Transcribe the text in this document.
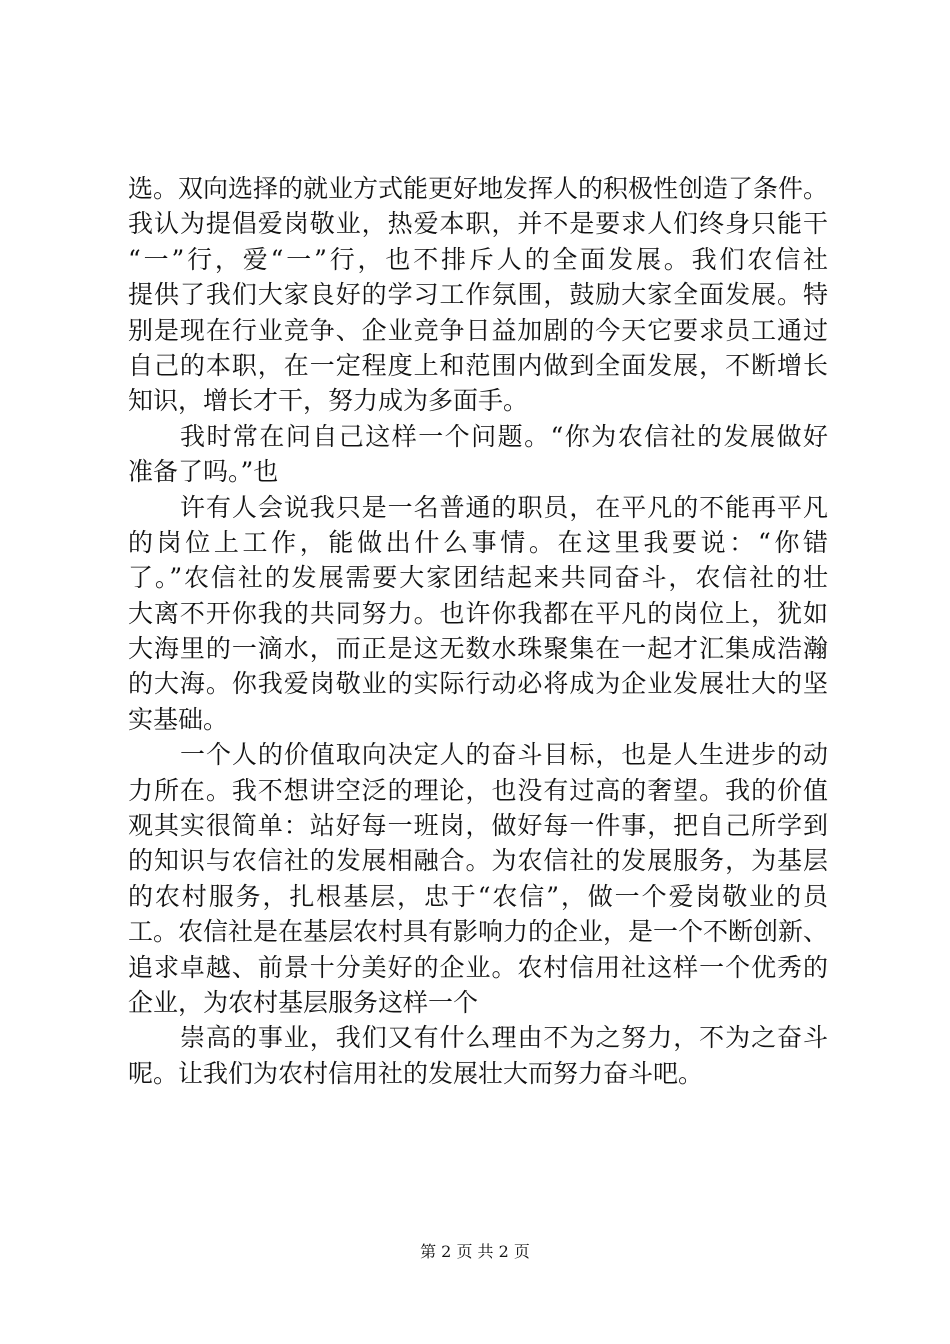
选。双向选择的就业方式能更好地发挥人的积极性创造了条件。
我认为提倡爱岗敬业，热爱本职，并不是要求人们终身只能干
“一”行，爱“一”行，也不排斥人的全面发展。我们农信社
提供了我们大家良好的学习工作氛围，鼓励大家全面发展。特
别是现在行业竞争、企业竞争日益加剧的今天它要求员工通过
自己的本职，在一定程度上和范围内做到全面发展，不断增长
知识，增长才干，努力成为多面手。
我时常在问自己这样一个问题。“你为农信社的发展做好
准备了吗。”也
许有人会说我只是一名普通的职员，在平凡的不能再平凡
的岗位上工作，能做出什么事情。在这里我要说：“你错
了。”农信社的发展需要大家团结起来共同奋斗，农信社的壮
大离不开你我的共同努力。也许你我都在平凡的岗位上，犹如
大海里的一滴水，而正是这无数水珠聚集在一起才汇集成浩瀚
的大海。你我爱岗敬业的实际行动必将成为企业发展壮大的坚
实基础。
一个人的价值取向决定人的奋斗目标，也是人生进步的动
力所在。我不想讲空泛的理论，也没有过高的奢望。我的价值
观其实很简单：站好每一班岗，做好每一件事，把自己所学到
的知识与农信社的发展相融合。为农信社的发展服务，为基层
的农村服务，扎根基层，忠于“农信”，做一个爱岗敬业的员
工。农信社是在基层农村具有影响力的企业，是一个不断创新、
追求卓越、前景十分美好的企业。农村信用社这样一个优秀的
企业，为农村基层服务这样一个
崇高的事业，我们又有什么理由不为之努力，不为之奋斗
呢。让我们为农村信用社的发展壮大而努力奋斗吧。
第 2 页 共 2 页
